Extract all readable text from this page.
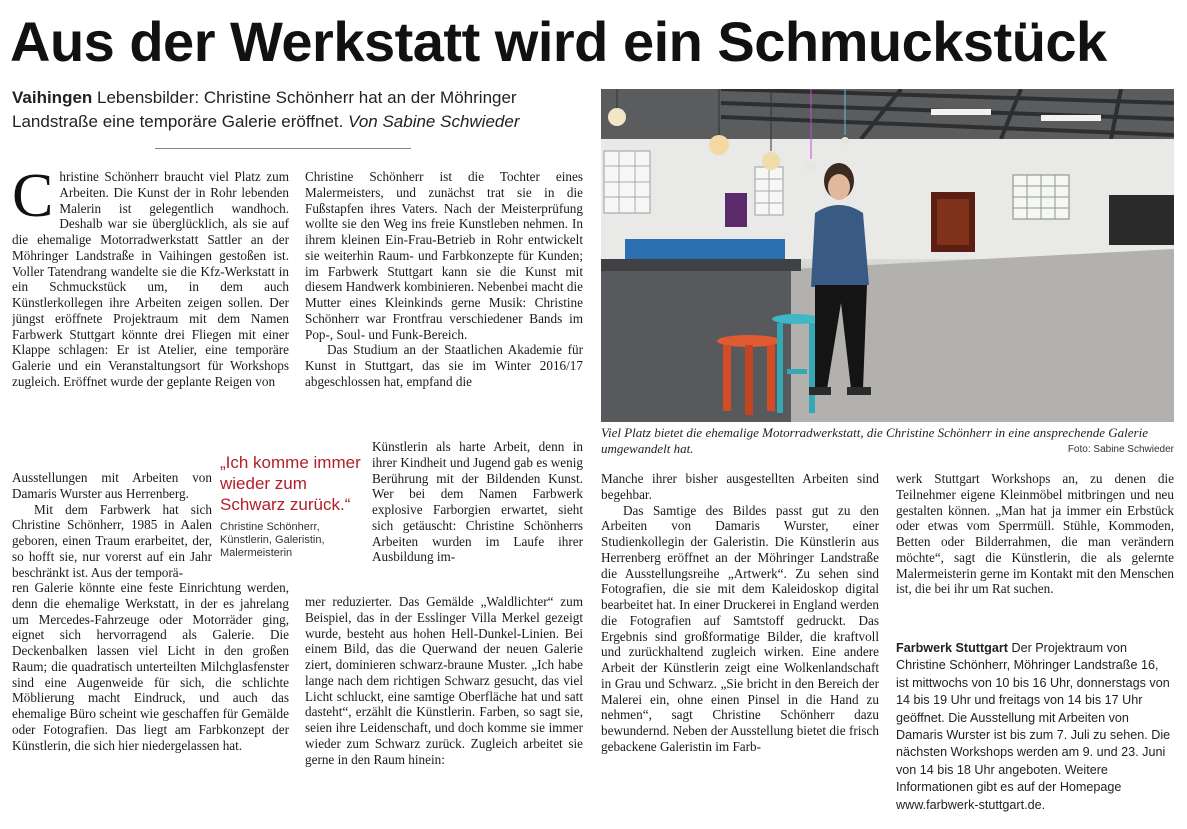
Aus der Werkstatt wird ein Schmuckstück
Vaihingen Lebensbilder: Christine Schönherr hat an der Möhringer Landstraße eine temporäre Galerie eröffnet. Von Sabine Schwieder

Christine Schönherr braucht viel Platz zum Arbeiten. Die Kunst der in Rohr lebenden Malerin ist gelegentlich wandhoch. Deshalb war sie überglücklich, als sie auf die ehemalige Motorradwerkstatt Sattler an der Möhringer Landstraße in Vaihingen gestoßen ist. Voller Tatendrang wandelte sie die Kfz-Werkstatt in ein Schmuckstück um, in dem auch Künstlerkollegen ihre Arbeiten zeigen sollen. Der jüngst eröffnete Projektraum mit dem Namen Farbwerk Stuttgart könnte drei Fliegen mit einer Klappe schlagen: Er ist Atelier, eine temporäre Galerie und ein Veranstaltungsort für Workshops zugleich. Eröffnet wurde der geplante Reigen von

Ausstellungen mit Arbeiten von Damaris Wurster aus Herrenberg.

Mit dem Farbwerk hat sich Christine Schönherr, 1985 in Aalen geboren, einen Traum erarbeitet, der, so hofft sie, nur vorerst auf ein Jahr beschränkt ist. Aus der temporä-

ren Galerie könnte eine feste Einrichtung werden, denn die ehemalige Werkstatt, in der es jahrelang um Mercedes-Fahrzeuge oder Motorräder ging, eignet sich hervorragend als Galerie. Die Deckenbalken lassen viel Licht in den großen Raum; die quadratisch unterteilten Milchglasfenster sind eine Augenweide für sich, die schlichte Möblierung macht Eindruck, und auch das ehemalige Büro scheint wie geschaffen für Gemälde oder Fotografien. Das liegt am Farbkonzept der Künstlerin, die sich hier niedergelassen hat.

„Ich komme immer wieder zum Schwarz zurück.“
Christine Schönherr, Künstlerin, Galeristin, Malermeisterin

Christine Schönherr ist die Tochter eines Malermeisters, und zunächst trat sie in die Fußstapfen ihres Vaters. Nach der Meisterprüfung wollte sie den Weg ins freie Kunstleben nehmen. In ihrem kleinen Ein-Frau-Betrieb in Rohr entwickelt sie weiterhin Raum- und Farbkonzepte für Kunden; im Farbwerk Stuttgart kann sie die Kunst mit diesem Handwerk kombinieren. Nebenbei macht die Mutter eines Kleinkinds gerne Musik: Christine Schönherr war Frontfrau verschiedener Bands im Pop-, Soul- und Funk-Bereich.

Das Studium an der Staatlichen Akademie für Kunst in Stuttgart, das sie im Winter 2016/17 abgeschlossen hat, empfand die

Künstlerin als harte Arbeit, denn in ihrer Kindheit und Jugend gab es wenig Berührung mit der Bildenden Kunst. Wer bei dem Namen Farbwerk explosive Farborgien erwartet, sieht sich getäuscht: Christine Schönherrs Arbeiten wurden im Laufe ihrer Ausbildung im-

mer reduzierter. Das Gemälde „Waldlichter“ zum Beispiel, das in der Esslinger Villa Merkel gezeigt wurde, besteht aus hohen Hell-Dunkel-Linien. Bei einem Bild, das die Querwand der neuen Galerie ziert, dominieren schwarz-braune Muster. „Ich habe lange nach dem richtigen Schwarz gesucht, das viel Licht schluckt, eine samtige Oberfläche hat und satt dasteht“, erzählt die Künstlerin. Farben, so sagt sie, seien ihre Leidenschaft, und doch komme sie immer wieder zum Schwarz zurück. Zugleich arbeitet sie gerne in den Raum hinein:

Viel Platz bietet die ehemalige Motorradwerkstatt, die Christine Schönherr in eine ansprechende Galerie umgewandelt hat.	Foto: Sabine Schwieder

Manche ihrer bisher ausgestellten Arbeiten sind begehbar.

Das Samtige des Bildes passt gut zu den Arbeiten von Damaris Wurster, einer Studienkollegin der Galeristin. Die Künstlerin aus Herrenberg eröffnet an der Möhringer Landstraße die Ausstellungsreihe „Artwerk“. Zu sehen sind Fotografien, die sie mit dem Kaleidoskop digital bearbeitet hat. In einer Druckerei in England werden die Fotografien auf Samtstoff gedruckt. Das Ergebnis sind großformatige Bilder, die kraftvoll und zurückhaltend zugleich wirken. Eine andere Arbeit der Künstlerin zeigt eine Wolkenlandschaft in Grau und Schwarz. „Sie bricht in den Bereich der Malerei ein, ohne einen Pinsel in die Hand zu nehmen“, sagt Christine Schönherr dazu bewundernd. Neben der Ausstellung bietet die frisch gebackene Galeristin im Farb-

werk Stuttgart Workshops an, zu denen die Teilnehmer eigene Kleinmöbel mitbringen und neu gestalten können. „Man hat ja immer ein Erbstück oder etwas vom Sperrmüll. Stühle, Kommoden, Betten oder Bilderrahmen, die man verändern möchte“, sagt die Künstlerin, die als gelernte Malermeisterin gerne im Kontakt mit den Menschen ist, die bei ihr um Rat suchen.

Farbwerk Stuttgart Der Projektraum von Christine Schönherr, Möhringer Landstraße 16, ist mittwochs von 10 bis 16 Uhr, donnerstags von 14 bis 19 Uhr und freitags von 14 bis 17 Uhr geöffnet. Die Ausstellung mit Arbeiten von Damaris Wurster ist bis zum 7. Juli zu sehen. Die nächsten Workshops werden am 9. und 23. Juni von 14 bis 18 Uhr angeboten. Weitere Informationen gibt es auf der Homepage www.farbwerk-stuttgart.de.
